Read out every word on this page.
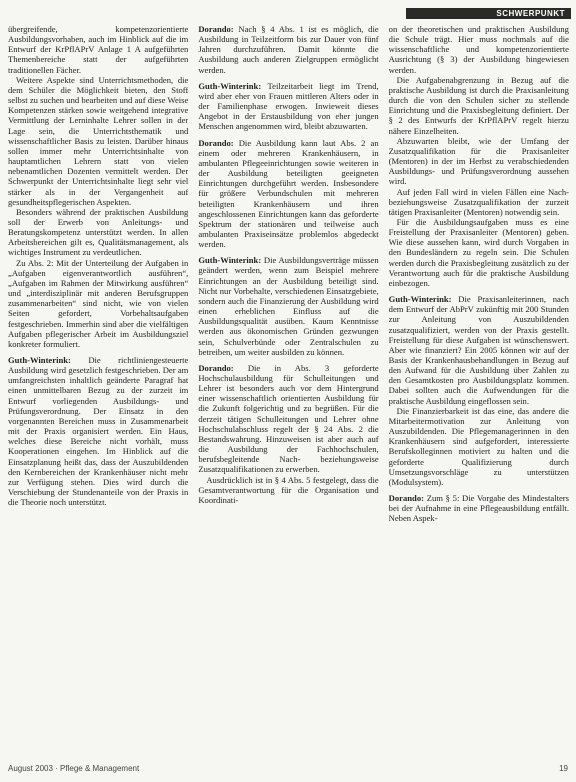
SCHWERPUNKT

übergreifende, kompetenzorientierte Ausbildungsvorhaben, auch im Hinblick auf die im Entwurf der KrPflAPrV Anlage 1 A aufgeführten Themenbereiche statt der aufgeführten traditionellen Fächer.

Weitere Aspekte sind Unterrichtsmethoden, die dem Schüler die Möglichkeit bieten, den Stoff selbst zu suchen und bearbeiten und auf diese Weise Kompetenzen stärken sowie weitgehend integrative Vermittlung der Lerninhalte Lehrer sollen in der Lage sein, die Unterrichtsthematik und wissenschaftlicher Basis zu leisten. Darüber hinaus sollen immer mehr Unterrichtsinhalte von hauptamtlichen Lehrern statt von vielen nebenamtlichen Dozenten vermittelt werden. Der Schwerpunkt der Unterrichtsinhalte liegt sehr viel stärker als in der Vergangenheit auf gesundheitspflegerischen Aspekten.

Besonders während der praktischen Ausbildung soll der Erwerb von Anleitungs- und Beratungskompetenz unterstützt werden. In allen Arbeitsbereichen gilt es, Qualitätsmanagement, als wichtiges Instrument zu verdeutlichen.

Zu Abs. 2: Mit der Unterteilung der Aufgaben in „Aufgaben eigenverantwortlich ausführen“, „Aufgaben im Rahmen der Mitwirkung ausführen“ und „interdisziplinär mit anderen Berufsgruppen zusammenarbeiten“ sind nicht, wie von vielen Seiten gefordert, Vorbehaltsaufgaben festgeschrieben. Immerhin sind aber die vielfältigen Aufgaben pflegerischer Arbeit im Ausbildungsziel konkreter formuliert.

Guth-Winterink: Die richtliniengesteuerte Ausbildung wird gesetzlich festgeschrieben. Der am umfangreichsten inhaltlich geänderte Paragraf hat einen unmittelbaren Bezug zu der zurzeit im Entwurf vorliegenden Ausbildungs- und Prüfungsverordnung. Der Einsatz in den vorgenannten Bereichen muss in Zusammenarbeit mit der Praxis organisiert werden. Ein Haus, welches diese Bereiche nicht vorhält, muss Kooperationen eingehen. Im Hinblick auf die Einsatzplanung heißt das, dass der Auszubildenden den Kernbereichen der Krankenhäuser nicht mehr zur Verfügung stehen. Dies wird durch die Verschiebung der Stundenanteile von der Praxis in die Theorie noch unterstützt.

Dorando: Nach § 4 Abs. 1 ist es möglich, die Ausbildung in Teilzeitform bis zur Dauer von fünf Jahren durchzuführen. Damit könnte die Ausbildung auch anderen Zielgruppen ermöglicht werden.

Guth-Winterink: Teilzeitarbeit liegt im Trend, wird aber eher von Frauen mittleren Alters oder in der Familienphase erwogen. Inwieweit dieses Angebot in der Erstausbildung von eher jungen Menschen angenommen wird, bleibt abzuwarten.

Dorando: Die Ausbildung kann laut Abs. 2 an einem oder mehreren Krankenhäusern, in ambulanten Pflegeeinrichtungen sowie weiteren in der Ausbildung beteiligten geeigneten Einrichtungen durchgeführt werden. Insbesondere für größere Verbundschulen mit mehreren beteiligten Krankenhäusern und ihren angeschlossenen Einrichtungen kann das geforderte Spektrum der stationären und teilweise auch ambulanten Praxiseinsätze problemlos abgedeckt werden.

Guth-Winterink: Die Ausbildungsverträge müssen geändert werden, wenn zum Beispiel mehrere Einrichtungen an der Ausbildung beteiligt sind. Nicht nur Vorbehalte, verschiedenen Einsatzgebiete, sondern auch die Finanzierung der Ausbildung wird einen erheblichen Einfluss auf die Ausbildungsqualität ausüben. Kaum Kenntnisse werden aus ökonomischen Gründen gezwungen sein, Schulverbünde oder Zentralschulen zu betreiben, um weiter ausbilden zu können.

Dorando: Die in Abs. 3 geforderte Hochschulausbildung für Schulleitungen und Lehrer ist besonders auch vor dem Hintergrund einer wissenschaftlich orientierten Ausbildung für die Zukunft folgerichtig und zu begrüßen. Für die derzeit tätigen Schulleitungen und Lehrer ohne Hochschulabschluss regelt der § 24 Abs. 2 die Bestandswahrung. Hinzuweisen ist aber auch auf die Ausbildung der Fachhochschulen, berufsbegleitende Nach- beziehungsweise Zusatzqualifikationen zu erwerben.

Ausdrücklich ist in § 4 Abs. 5 festgelegt, dass die Gesamtverantwortung für die Organisation und Koordinati-

on der theoretischen und praktischen Ausbildung die Schule trägt. Hier muss nochmals auf die wissenschaftliche und kompetenzorientierte Ausrichtung (§ 3) der Ausbildung hingewiesen werden.

Die Aufgabenabgrenzung in Bezug auf die praktische Ausbildung ist durch die Praxisanleitung durch die von den Schulen sicher zu stellende Einrichtung und die Praxisbegleitung definiert. Der § 2 des Entwurfs der KrPflAPrV regelt hierzu nähere Einzelheiten.

Abzuwarten bleibt, wie der Umfang der Zusatzqualifikation für die Praxisanleiter (Mentoren) in der im Herbst zu verabschiedenden Ausbildungs- und Prüfungsverordnung aussehen wird.

Auf jeden Fall wird in vielen Fällen eine Nach- beziehungsweise Zusatzqualifikation der zurzeit tätigen Praxisanleiter (Mentoren) notwendig sein.

Für die Ausbildungsaufgaben muss es eine Freistellung der Praxisanleiter (Mentoren) geben. Wie diese aussehen kann, wird durch Vorgaben in den Bundesländern zu regeln sein. Die Schulen werden durch die Praxisbegleitung zusätzlich zu der Verantwortung auch für die praktische Ausbildung einbezogen.

Guth-Winterink: Die Praxisanleiterinnen, nach dem Entwurf der AbPrV zukünftig mit 200 Stunden zur Anleitung von Auszubildenden zusatzqualifiziert, werden von der Praxis gestellt. Freistellung für diese Aufgaben ist wünschenswert. Aber wie finanziert? Ein 2005 können wir auf der Basis der Krankenhausbehandlungen in Bezug auf den Aufwand für die Ausbildung über Zahlen zu den Gesamtkosten pro Ausbildungsplatz kommen. Dabei sollten auch die Aufwendungen für die praktische Ausbildung eingeflossen sein.

Die Finanzierbarkeit ist das eine, das andere die Mitarbeitermotivation zur Anleitung von Auszubildenden. Die Pflegemanagerinnen in den Krankenhäusern sind aufgefordert, interessierte Berufskolleginnen motiviert zu halten und die geforderte Qualifizierung durch Umsetzungsvorschläge zu unterstützen (Modulsystem).

Dorando: Zum § 5: Die Vorgabe des Mindestalters bei der Aufnahme in eine Pflegeausbildung entfällt. Neben Aspek-

August 2003 · Pflege & Management	19
